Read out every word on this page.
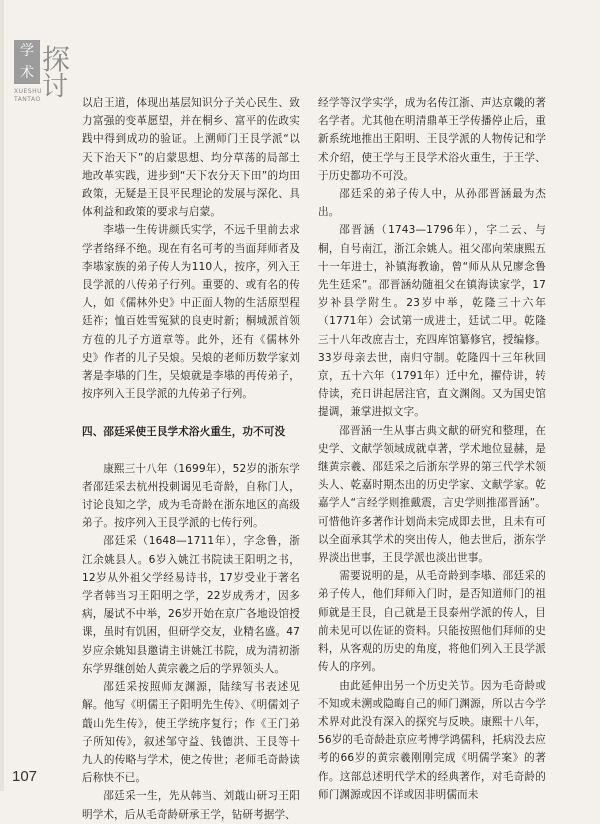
学
术 探
讨
XUESHU
TANTAO	以启王道，体现出基层知识分子关心民生、致力富强的变革愿望，并在桐乡、富平的佐政实践中得到成功的验证。上溯师门王艮学派“以天下治天下”的启蒙思想、均分草荡的局部土地改革实践，进步到“天下农分天下田”的均田政策，无疑是王艮平民理论的发展与深化、具体利益和政策的要求与启蒙。

李塨一生传讲颜氏实学，不远千里前去求学者络绎不绝。现在有名可考的当面拜师者及李塨家族的弟子传人为110人，按序，列入王艮学派的八传弟子行列。重要的、或有名的传人，如《儒林外史》中正面人物的生活原型程廷祚；恤百姓雪冤狱的良吏时新；桐城派首领方苞的儿子方道章等。此外，还有《儒林外史》作者的儿子吴烺。吴烺的老师历数学家刘著是李塨的门生，吴烺就是李塨的再传弟子，按序列入王艮学派的九传弟子行列。

四、邵廷采使王艮学术浴火重生，功不可没

康熙三十八年（1699年），52岁的浙东学者邵廷采去杭州投刺谒见毛奇龄，自称门人，讨论良知之学，成为毛奇龄在浙东地区的高级弟子。按序列入王艮学派的七传行列。

邵廷采（1648—1711年），字念鲁，浙江余姚县人。6岁入姚江书院读王阳明之书，12岁从外祖父学经易诗书，17岁受业于著名学者韩当习王阳明之学，22岁成秀才，因多病，屡试不中举，26岁开始在京广各地设馆授课，虽时有饥困，但研学交友，业精名盛。47岁应余姚知县邀请主讲姚江书院，成为清初浙东学界继创始人黄宗羲之后的学界领头人。

邵廷采按照师友渊源，陆续写书表述见解。他写《明儒王子阳明先生传》、《明儒刘子蕺山先生传》，使王学统序复行；作《王门弟子所知传》，叙述邹守益、钱德洪、王艮等十九人的传略与学术，使之传世；老师毛奇龄读后称快不已。

邵廷采一生，先从韩当、刘蕺山研习王阳明学术，后从毛奇龄研承王学，钻研考据学、

经学等汉学实学，成为名传江浙、声达京畿的著名学者。尤其他在明清鼎革王学传播停止后，重新系统地推出王阳明、王艮学派的人物传记和学术介绍，使王学与王艮学术浴火重生，于王学、于历史都功不可没。

邵廷采的弟子传人中，从孙邵晋涵最为杰出。

邵晋涵（1743—1796年），字二云、与桐，自号南江，浙江余姚人。祖父邵向荣康熙五十一年进士，补镇海教谕，曾“师从从兄廖念鲁先生廷采”。邵晋涵幼随祖父在镇海读家学，17岁补县学附生。23岁中举，乾隆三十六年（1771年）会试第一成进士，廷试二甲。乾隆三十八年改庶吉士，充四库馆纂修官，授编修。33岁母亲去世，南归守制。乾隆四十三年秋回京，五十六年（1791年）迁中允，擢侍讲，转侍读，充日讲起居注官，直文渊阁。又为国史馆提调，兼掌进拟文字。

邵晋涵一生从事古典文献的研究和整理，在史学、文献学领域成就卓著，学术地位显赫，是继黄宗羲、邵廷采之后浙东学界的第三代学术领头人、乾嘉时期杰出的历史学家、文献学家。乾嘉学人“言经学则推戴震，言史学则推邵晋涵”。可惜他许多著作计划尚未完成即去世，且未有可以全面承其学术的突出传人，他去世后，浙东学界淡出世事，王艮学派也淡出世事。

需要说明的是，从毛奇龄到李塨、邵廷采的弟子传人，他们拜师入门时，是否知道师门的祖师就是王艮，自己就是王艮泰州学派的传人，目前未见可以佐证的资料。只能按照他们拜师的史料，从客观的历史的角度，将他们列入王艮学派传人的序列。

由此延伸出另一个历史关节。因为毛奇龄或不知或未溯或隐晦自己的师门渊源，所以古今学术界对此没有深入的探究与反映。康熙十八年，56岁的毛奇龄赴京应考博学鸿儒科，托病没去应考的66岁的黄宗羲刚刚完成《明儒学案》的著作。这部总述明代学术的经典著作，对毛奇龄的师门渊源或因不详或因非明儒而未

107
